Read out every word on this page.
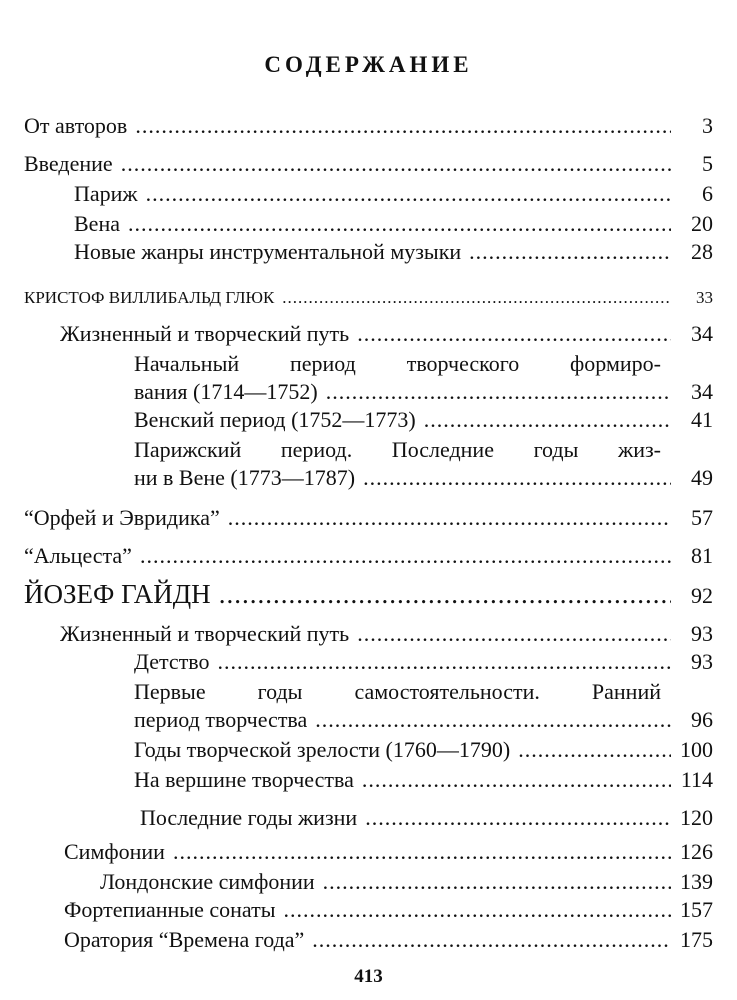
СОДЕРЖАНИЕ
От авторов .....	3
Введение .....	5
Париж .....	6
Вена .....	20
Новые жанры инструментальной музыки .....	28
КРИСТОФ ВИЛЛИБАЛЬД ГЛЮК .....	33
Жизненный и творческий путь .....	34
Начальный период творческого формиро-
вания (1714—1752) .....	34
Венский период (1752—1773) .....	41
Парижский период. Последние годы жиз-
ни в Вене (1773—1787) .....	49
“Орфей и Эвридика” .....	57
“Альцеста” .....	81
ЙОЗЕФ ГАЙДН .....	92
Жизненный и творческий путь .....	93
Детство .....	93
Первые годы самостоятельности. Ранний
период творчества .....	96
Годы творческой зрелости (1760—1790) .....	100
На вершине творчества .....	114
Последние годы жизни .....	120
Симфонии .....	126
Лондонские симфонии .....	139
Фортепианные сонаты .....	157
Оратория “Времена года” .....	175
413
